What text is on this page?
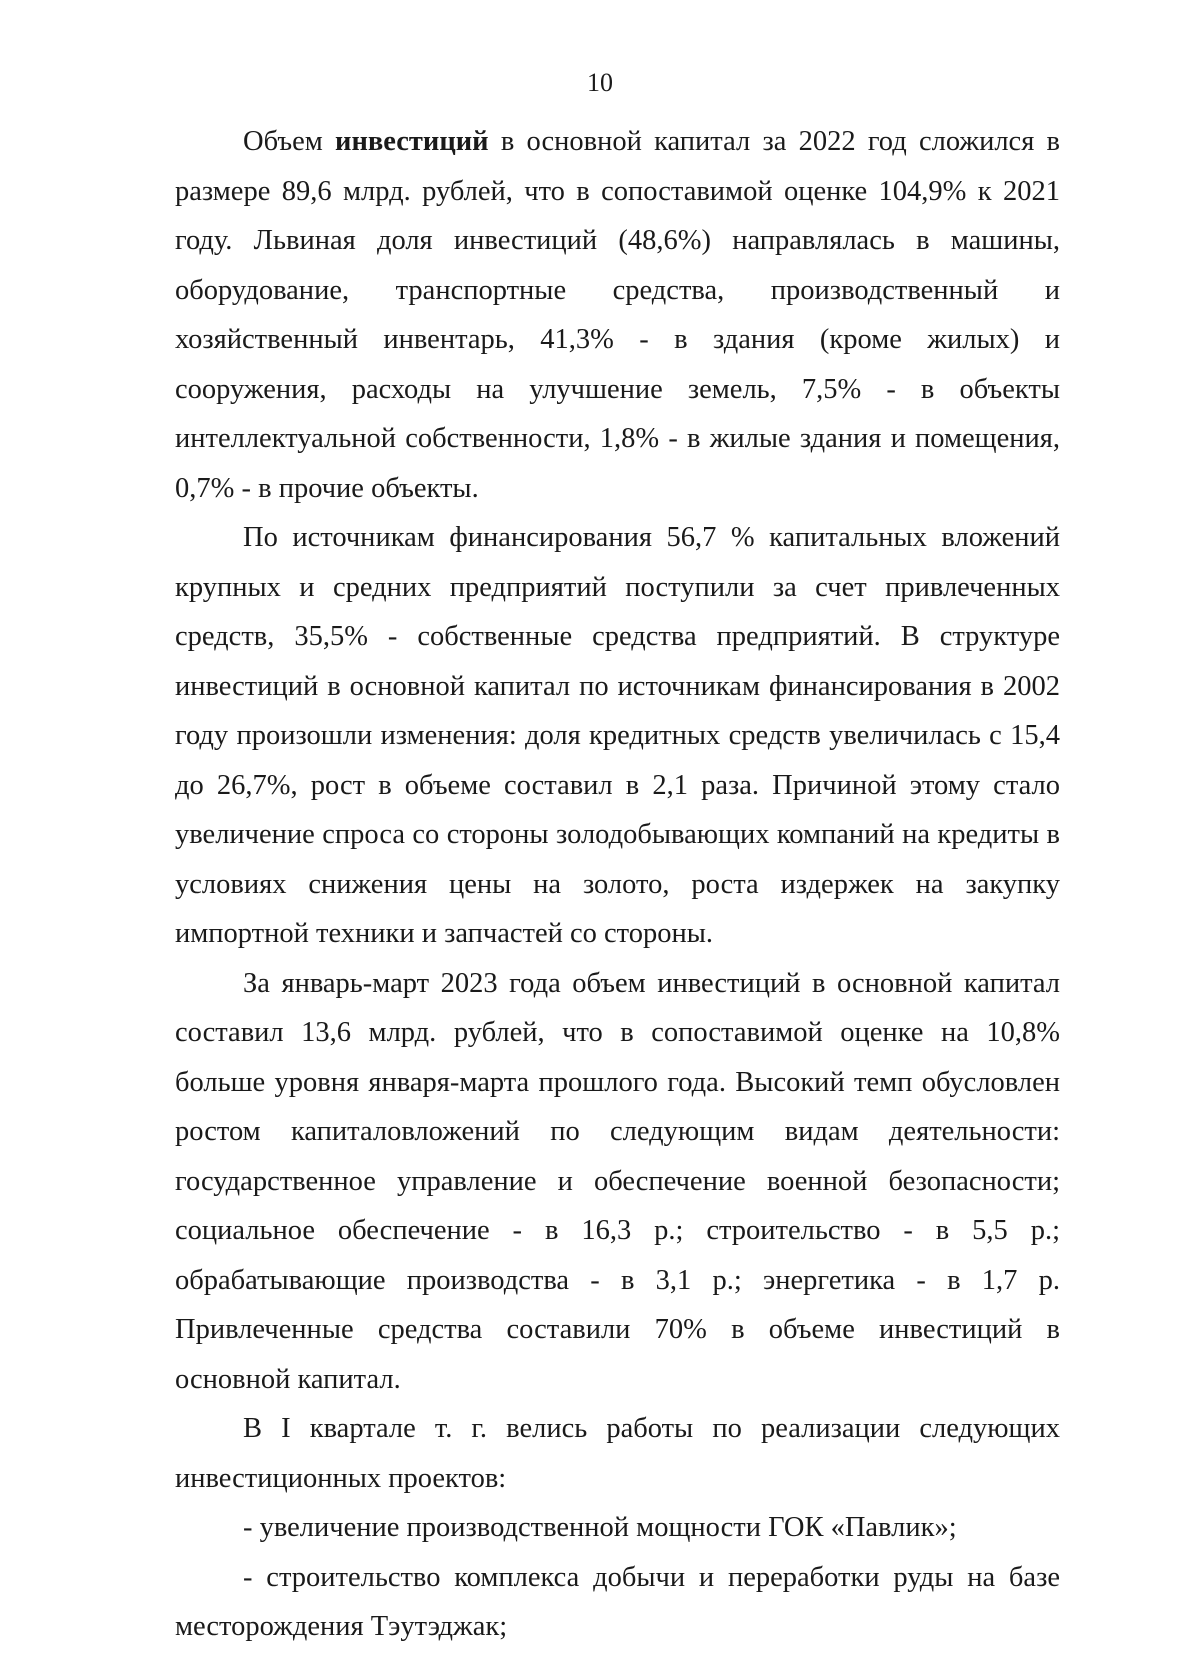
10

Объем инвестиций в основной капитал за 2022 год сложился в размере 89,6 млрд. рублей, что в сопоставимой оценке 104,9% к 2021 году. Львиная доля инвестиций (48,6%) направлялась в машины, оборудование, транспортные средства, производственный и хозяйственный инвентарь, 41,3% - в здания (кроме жилых) и сооружения, расходы на улучшение земель, 7,5% - в объекты интеллектуальной собственности, 1,8% - в жилые здания и помещения, 0,7% - в прочие объекты.

По источникам финансирования 56,7 % капитальных вложений крупных и средних предприятий поступили за счет привлеченных средств, 35,5% - собственные средства предприятий. В структуре инвестиций в основной капитал по источникам финансирования в 2002 году произошли изменения: доля кредитных средств увеличилась с 15,4 до 26,7%, рост в объеме составил в 2,1 раза. Причиной этому стало увеличение спроса со стороны золодобывающих компаний на кредиты в условиях снижения цены на золото, роста издержек на закупку импортной техники и запчастей со стороны.

За январь-март 2023 года объем инвестиций в основной капитал составил 13,6 млрд. рублей, что в сопоставимой оценке на 10,8% больше уровня января-марта прошлого года. Высокий темп обусловлен ростом капиталовложений по следующим видам деятельности: государственное управление и обеспечение военной безопасности; социальное обеспечение - в 16,3 р.; строительство - в 5,5 р.; обрабатывающие производства - в 3,1 р.; энергетика - в 1,7 р. Привлеченные средства составили 70% в объеме инвестиций в основной капитал.

В I квартале т. г. велись работы по реализации следующих инвестиционных проектов:

- увеличение производственной мощности ГОК «Павлик»;

- строительство комплекса добычи и переработки руды на базе месторождения Тэутэджак;
